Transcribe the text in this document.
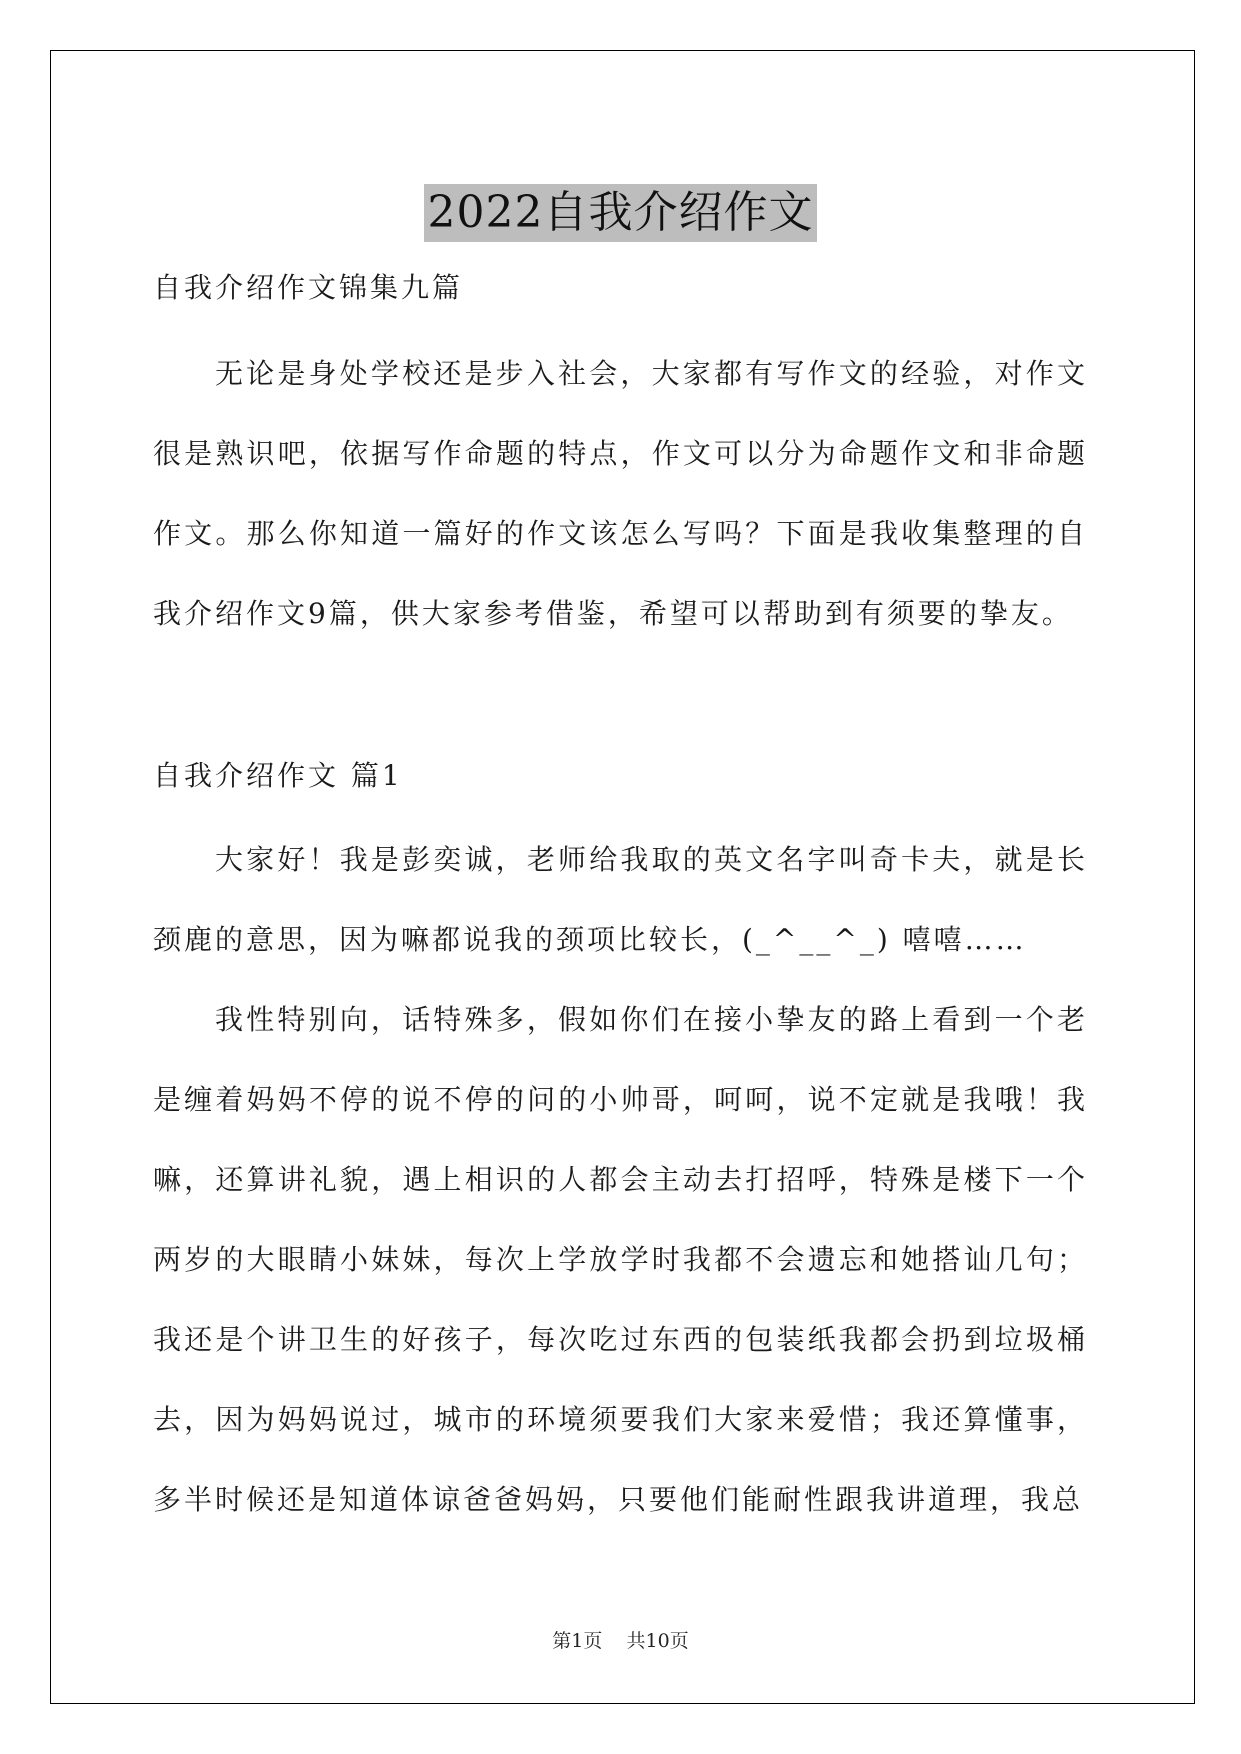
2022自我介绍作文
自我介绍作文锦集九篇

无论是身处学校还是步入社会，大家都有写作文的经验，对作文很是熟识吧，依据写作命题的特点，作文可以分为命题作文和非命题作文。那么你知道一篇好的作文该怎么写吗？下面是我收集整理的自我介绍作文9篇，供大家参考借鉴，希望可以帮助到有须要的挚友。

自我介绍作文 篇1

大家好！我是彭奕诚，老师给我取的英文名字叫奇卡夫，就是长颈鹿的意思，因为嘛都说我的颈项比较长，(_^__^_) 嘻嘻……

我性特别向，话特殊多，假如你们在接小挚友的路上看到一个老是缠着妈妈不停的说不停的问的小帅哥，呵呵，说不定就是我哦！我嘛，还算讲礼貌，遇上相识的人都会主动去打招呼，特殊是楼下一个两岁的大眼睛小妹妹，每次上学放学时我都不会遗忘和她搭讪几句；我还是个讲卫生的好孩子，每次吃过东西的包装纸我都会扔到垃圾桶去，因为妈妈说过，城市的环境须要我们大家来爱惜；我还算懂事，多半时候还是知道体谅爸爸妈妈，只要他们能耐性跟我讲道理，我总

第1页 共10页
